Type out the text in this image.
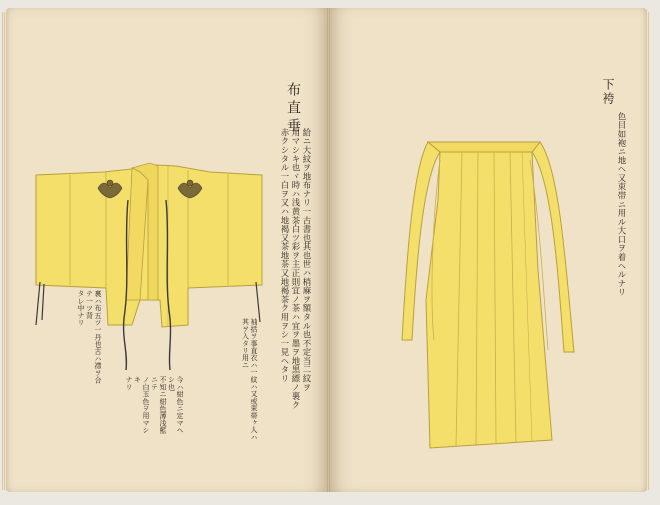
布直垂
給ニ大紋ヲ地布ナリ一古書也其也世ハ梢麻ヲ額タル也不定当二紋ヲ
用マシキ也ヾ時ハ浅黄茶白ツ彩ヲ主正則宜ノ茶ハ宜ヲ墨ヲ地黒縹ノ裏ク
赤クシタル一白ヲ又ハ地褐又茶地茶又地褐茶ク用ヲシ一見ヘタリ
袖括ヲ事直衣ハ一紋ハ又或束帯ヶ人ハ
其ヲ入タリ用ニ
裏ハ布五ツ一丹也古ハ襟ヲ合テ一ツ背
タレ中ナリ
今ハ紺色ニ定マヘシ也
不知ニ紺色薄浅藍ニテ
ノ白玉色ヲ用マシキ
ナリ
下袴
色目如袍ニ地ヘ又束帯ニ用ル大口ヲ着ヘルナリ
